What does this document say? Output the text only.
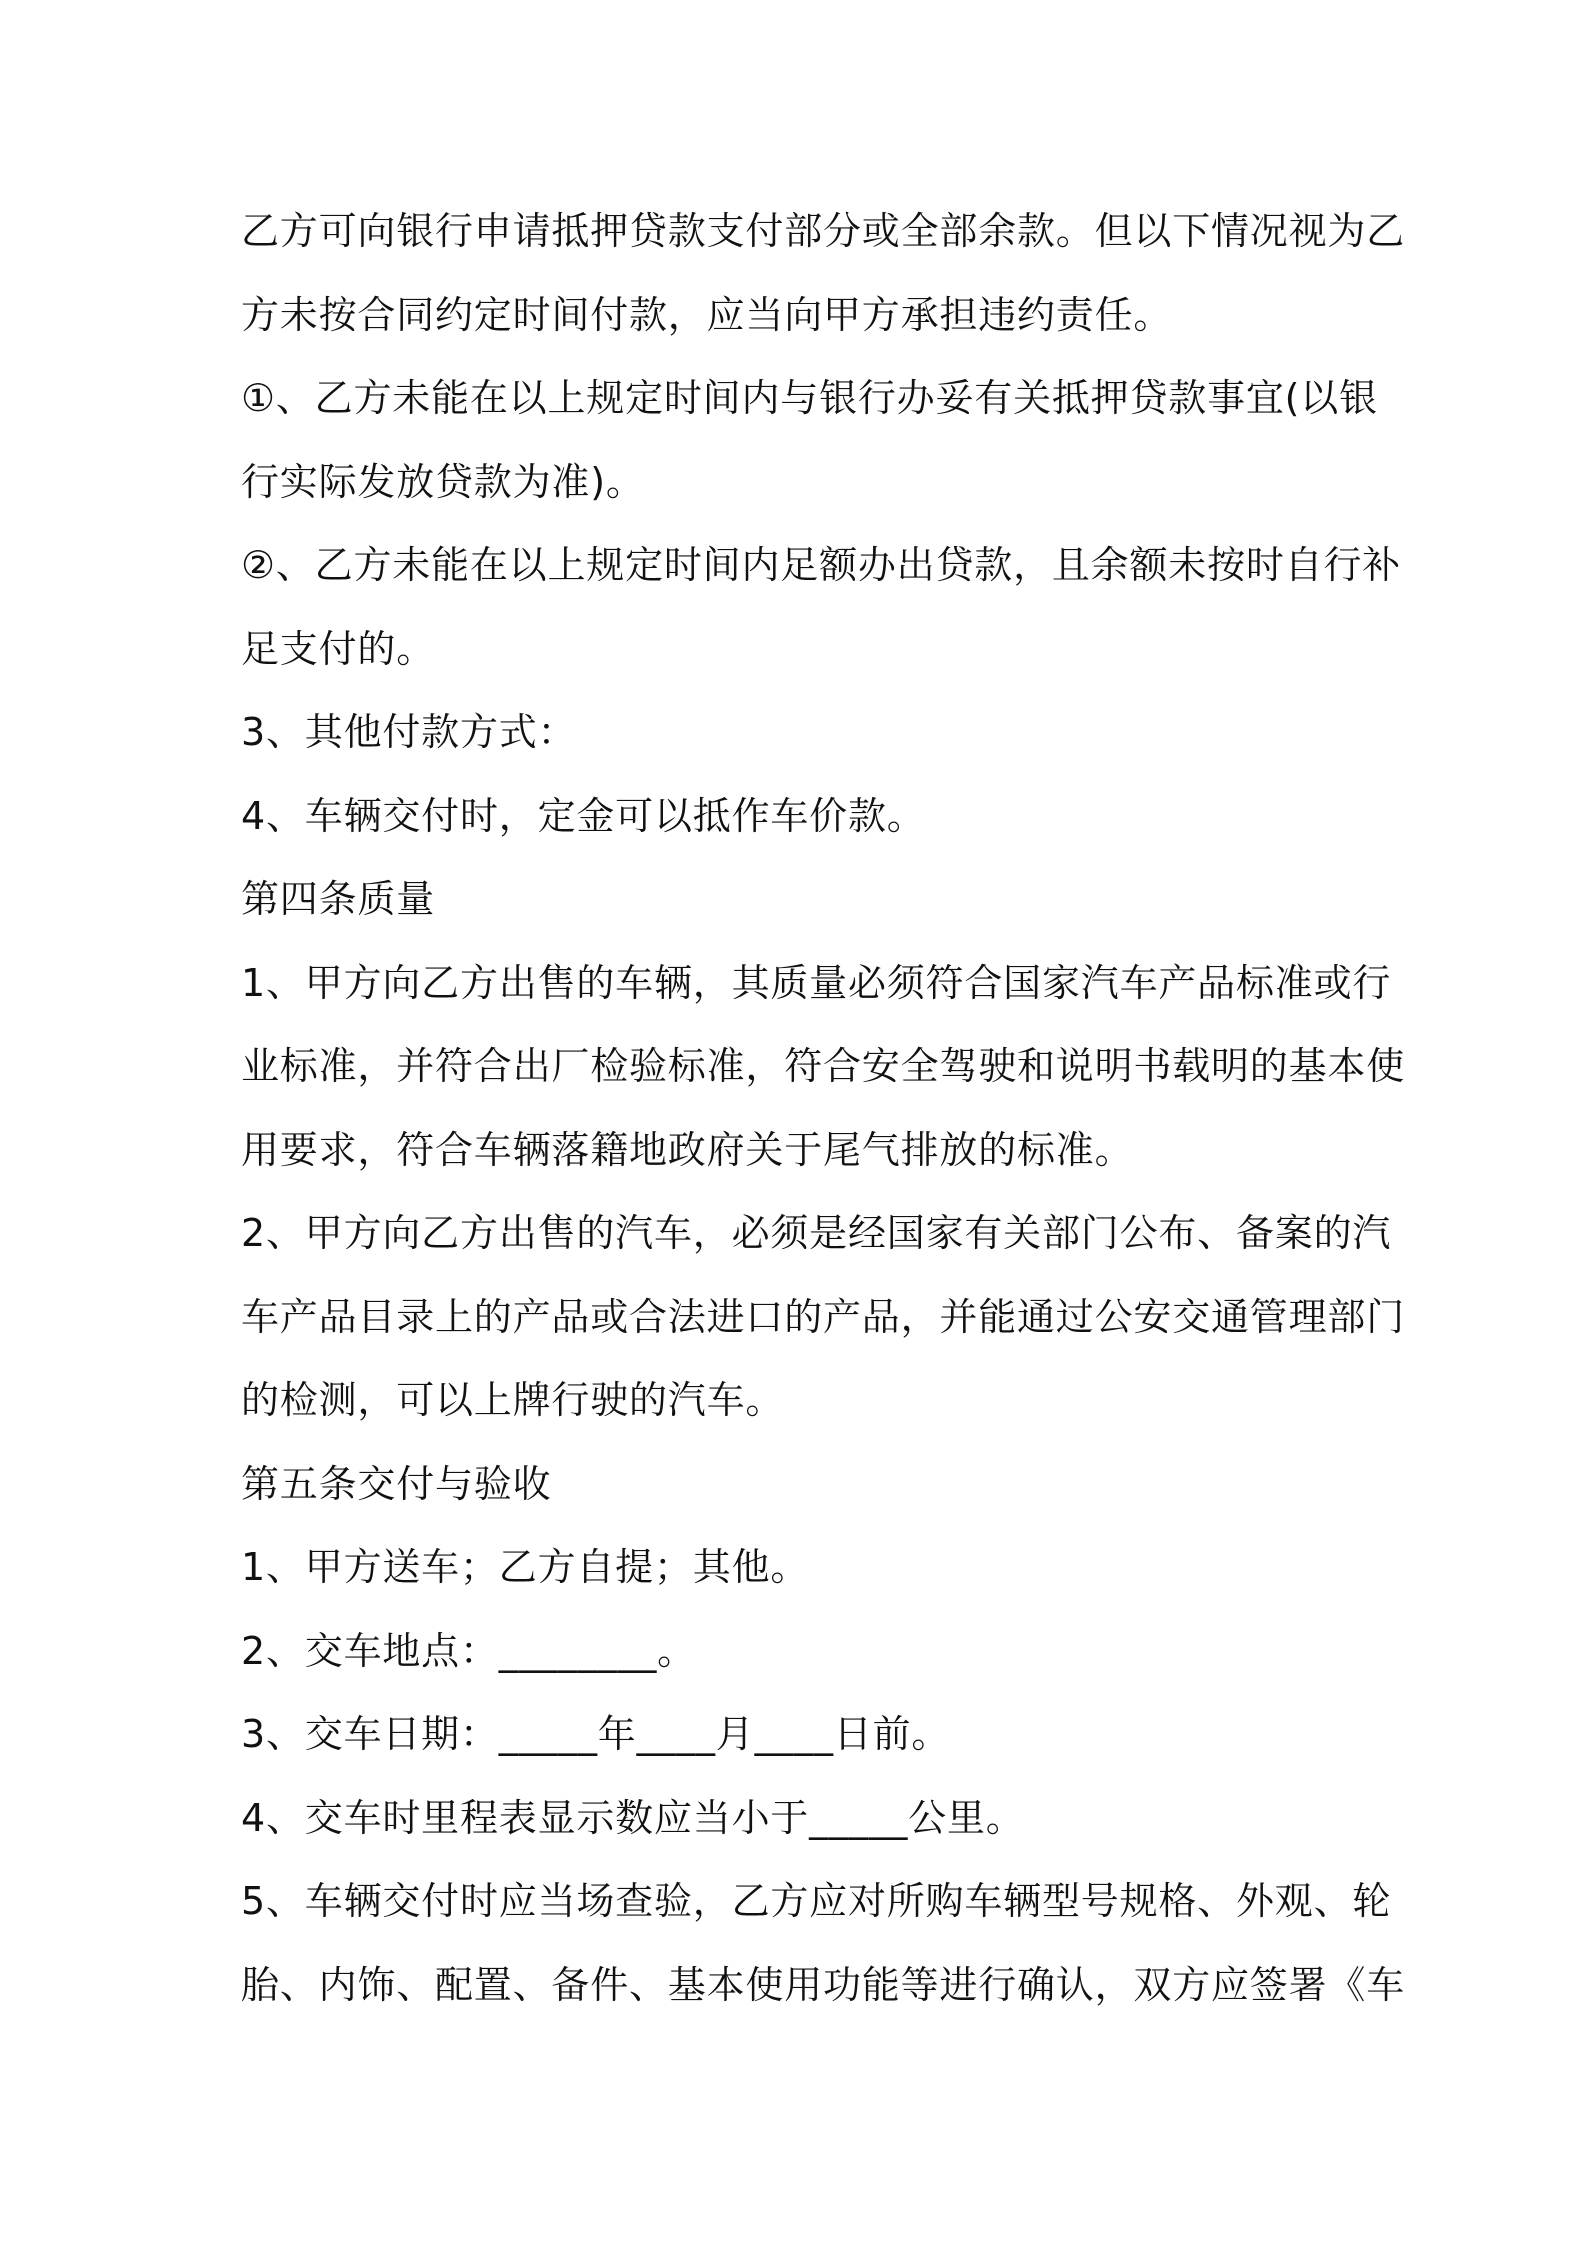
乙方可向银行申请抵押贷款支付部分或全部余款。但以下情况视为乙
方未按合同约定时间付款，应当向甲方承担违约责任。
①、乙方未能在以上规定时间内与银行办妥有关抵押贷款事宜(以银
行实际发放贷款为准)。
②、乙方未能在以上规定时间内足额办出贷款，且余额未按时自行补
足支付的。
3、其他付款方式：
4、车辆交付时，定金可以抵作车价款。
第四条质量
1、甲方向乙方出售的车辆，其质量必须符合国家汽车产品标准或行
业标准，并符合出厂检验标准，符合安全驾驶和说明书载明的基本使
用要求，符合车辆落籍地政府关于尾气排放的标准。
2、甲方向乙方出售的汽车，必须是经国家有关部门公布、备案的汽
车产品目录上的产品或合法进口的产品，并能通过公安交通管理部门
的检测，可以上牌行驶的汽车。
第五条交付与验收
1、甲方送车；乙方自提；其他。
2、交车地点：________。
3、交车日期：_____年____月____日前。
4、交车时里程表显示数应当小于_____公里。
5、车辆交付时应当场查验，乙方应对所购车辆型号规格、外观、轮
胎、内饰、配置、备件、基本使用功能等进行确认，双方应签署《车
